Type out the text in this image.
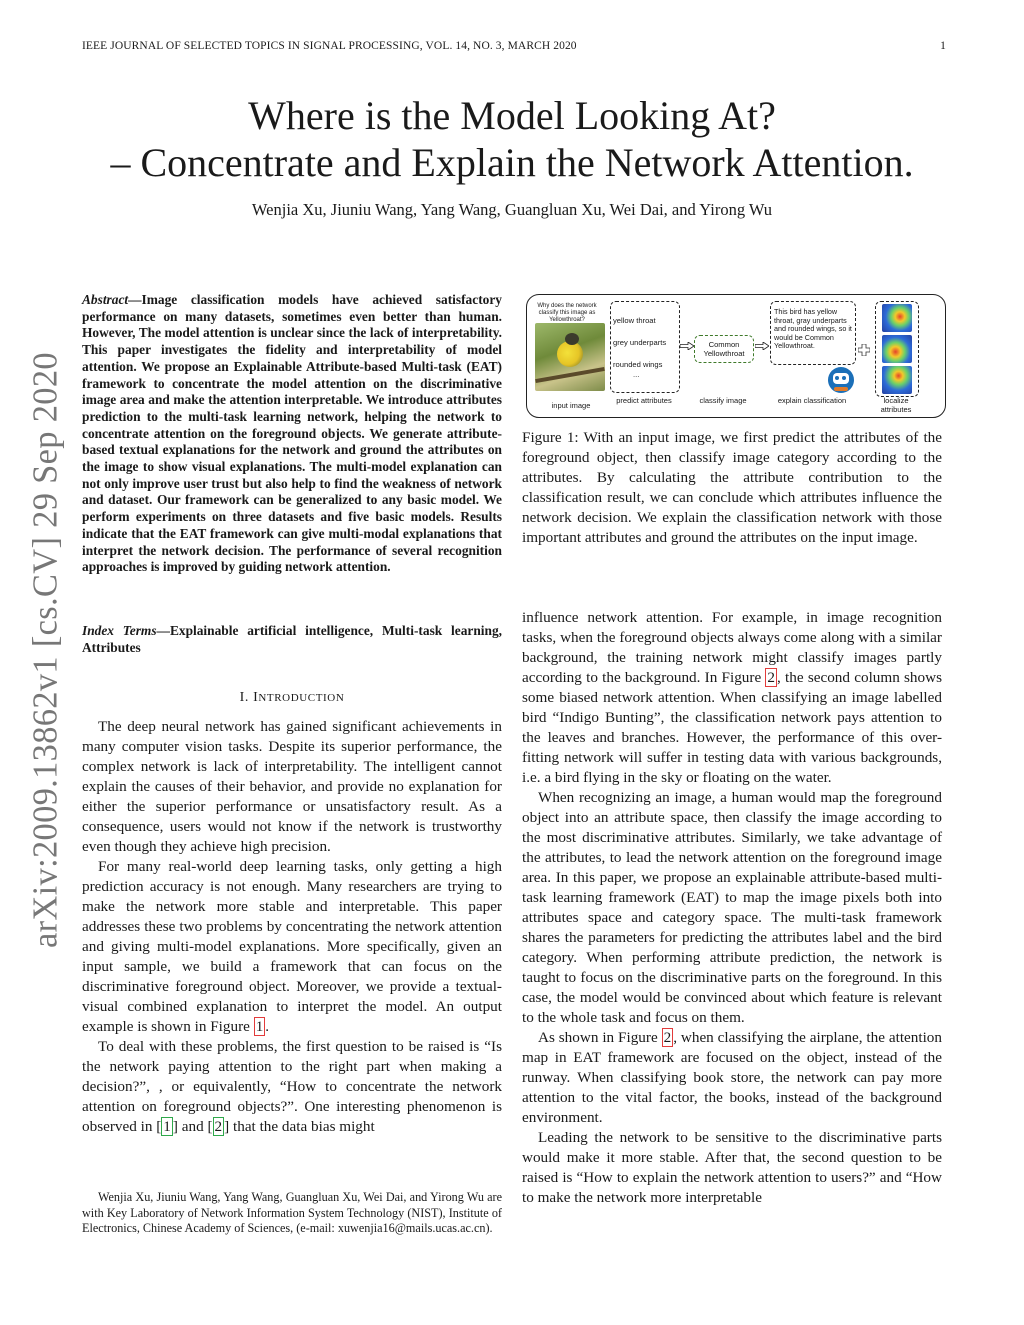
IEEE JOURNAL OF SELECTED TOPICS IN SIGNAL PROCESSING, VOL. 14, NO. 3, MARCH 2020	1
Where is the Model Looking At?
– Concentrate and Explain the Network Attention.
Wenjia Xu, Jiuniu Wang, Yang Wang, Guangluan Xu, Wei Dai, and Yirong Wu
arXiv:2009.13862v1 [cs.CV] 29 Sep 2020
Abstract—Image classification models have achieved satisfactory performance on many datasets, sometimes even better than human. However, The model attention is unclear since the lack of interpretability. This paper investigates the fidelity and interpretability of model attention. We propose an Explainable Attribute-based Multi-task (EAT) framework to concentrate the model attention on the discriminative image area and make the attention interpretable. We introduce attributes prediction to the multi-task learning network, helping the network to concentrate attention on the foreground objects. We generate attribute-based textual explanations for the network and ground the attributes on the image to show visual explanations. The multi-model explanation can not only improve user trust but also help to find the weakness of network and dataset. Our framework can be generalized to any basic model. We perform experiments on three datasets and five basic models. Results indicate that the EAT framework can give multi-modal explanations that interpret the network decision. The performance of several recognition approaches is improved by guiding network attention.
Index Terms—Explainable artificial intelligence, Multi-task learning, Attributes
I. INTRODUCTION

The deep neural network has gained significant achievements in many computer vision tasks. Despite its superior performance, the complex network is lack of interpretability. The intelligent cannot explain the causes of their behavior, and provide no explanation for either the superior performance or unsatisfactory result. As a consequence, users would not know if the network is trustworthy even though they achieve high precision.

For many real-world deep learning tasks, only getting a high prediction accuracy is not enough. Many researchers are trying to make the network more stable and interpretable. This paper addresses these two problems by concentrating the network attention and giving multi-model explanations. More specifically, given an input sample, we build a framework that can focus on the discriminative foreground object. Moreover, we provide a textual-visual combined explanation to interpret the model. An output example is shown in Figure 1 .

To deal with these problems, the first question to be raised is “Is the network paying attention to the right part when making a decision?”, , or equivalently, “How to concentrate the network attention on foreground objects?”. One interesting phenomenon is observed in [ 1 ] and [ 2 ] that the data bias might

Wenjia Xu, Jiuniu Wang, Yang Wang, Guangluan Xu, Wei Dai, and Yirong Wu are with Key Laboratory of Network Information System Technology (NIST), Institute of Electronics, Chinese Academy of Sciences, (e-mail: xuwenjia16@mails.ucas.ac.cn).

Why does the network classify this image as Yellowthroat?
input image
yellow throat
grey underparts
rounded wings
...
predict attributes
Common Yellowthroat
classify image
This bird has yellow throat, gray underparts and rounded wings, so it would be Common Yellowthroat.
explain classification	localize attributes
Figure 1: With an input image, we first predict the attributes of the foreground object, then classify image category according to the attributes. By calculating the attribute contribution to the classification result, we can conclude which attributes influence the network decision. We explain the classification network with those important attributes and ground the attributes on the input image.

influence network attention. For example, in image recognition tasks, when the foreground objects always come along with a similar background, the training network might classify images partly according to the background. In Figure 2 , the second column shows some biased network attention. When classifying an image labelled bird “Indigo Bunting”, the classification network pays attention to the leaves and branches. However, the performance of this over-fitting network will suffer in testing data with various backgrounds, i.e. a bird flying in the sky or floating on the water.

When recognizing an image, a human would map the foreground object into an attribute space, then classify the image according to the most discriminative attributes. Similarly, we take advantage of the attributes, to lead the network attention on the foreground image area. In this paper, we propose an explainable attribute-based multi-task learning framework (EAT) to map the image pixels both into attributes space and category space. The multi-task framework shares the parameters for predicting the attributes label and the bird category. When performing attribute prediction, the network is taught to focus on the discriminative parts on the foreground. In this case, the model would be convinced about which feature is relevant to the whole task and focus on them.

As shown in Figure 2 , when classifying the airplane, the attention map in EAT framework are focused on the object, instead of the runway. When classifying book store, the network can pay more attention to the vital factor, the books, instead of the background environment.

Leading the network to be sensitive to the discriminative parts would make it more stable. After that, the second question to be raised is “How to explain the network attention to users?” and “How to make the network more interpretable
